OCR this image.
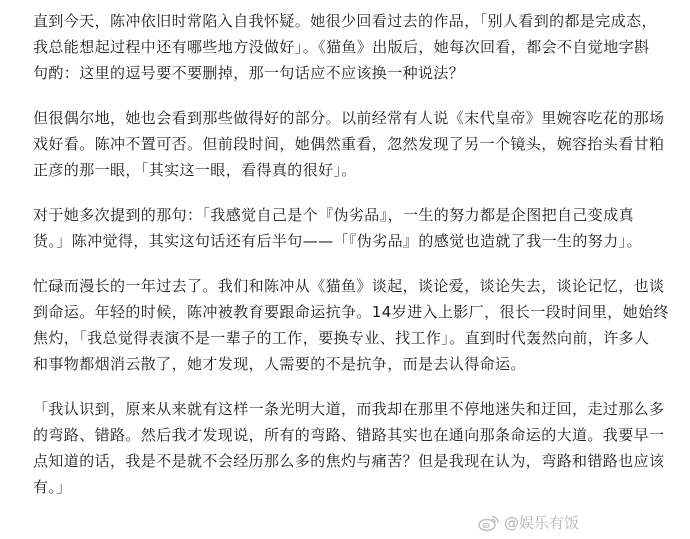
直到今天，陈冲依旧时常陷入自我怀疑。她很少回看过去的作品，「别人看到的都是完成态，
我总能想起过程中还有哪些地方没做好」。《猫鱼》出版后，她每次回看，都会不自觉地字斟
句酌：这里的逗号要不要删掉，那一句话应不应该换一种说法？

但很偶尔地，她也会看到那些做得好的部分。以前经常有人说《末代皇帝》里婉容吃花的那场
戏好看。陈冲不置可否。但前段时间，她偶然重看，忽然发现了另一个镜头，婉容抬头看甘粕
正彦的那一眼，「其实这一眼，看得真的很好」。

对于她多次提到的那句：「我感觉自己是个『伪劣品』，一生的努力都是企图把自己变成真
货。」陈冲觉得，其实这句话还有后半句——「『伪劣品』的感觉也造就了我一生的努力」。

忙碌而漫长的一年过去了。我们和陈冲从《猫鱼》谈起，谈论爱，谈论失去，谈论记忆，也谈
到命运。年轻的时候，陈冲被教育要跟命运抗争。14岁进入上影厂，很长一段时间里，她始终
焦灼，「我总觉得表演不是一辈子的工作，要换专业、找工作」。直到时代轰然向前，许多人
和事物都烟消云散了，她才发现，人需要的不是抗争，而是去认得命运。

「我认识到，原来从来就有这样一条光明大道，而我却在那里不停地迷失和迂回，走过那么多
的弯路、错路。然后我才发现说，所有的弯路、错路其实也在通向那条命运的大道。我要早一
点知道的话，我是不是就不会经历那么多的焦灼与痛苦？但是我现在认为，弯路和错路也应该
有。」

@娱乐有饭
